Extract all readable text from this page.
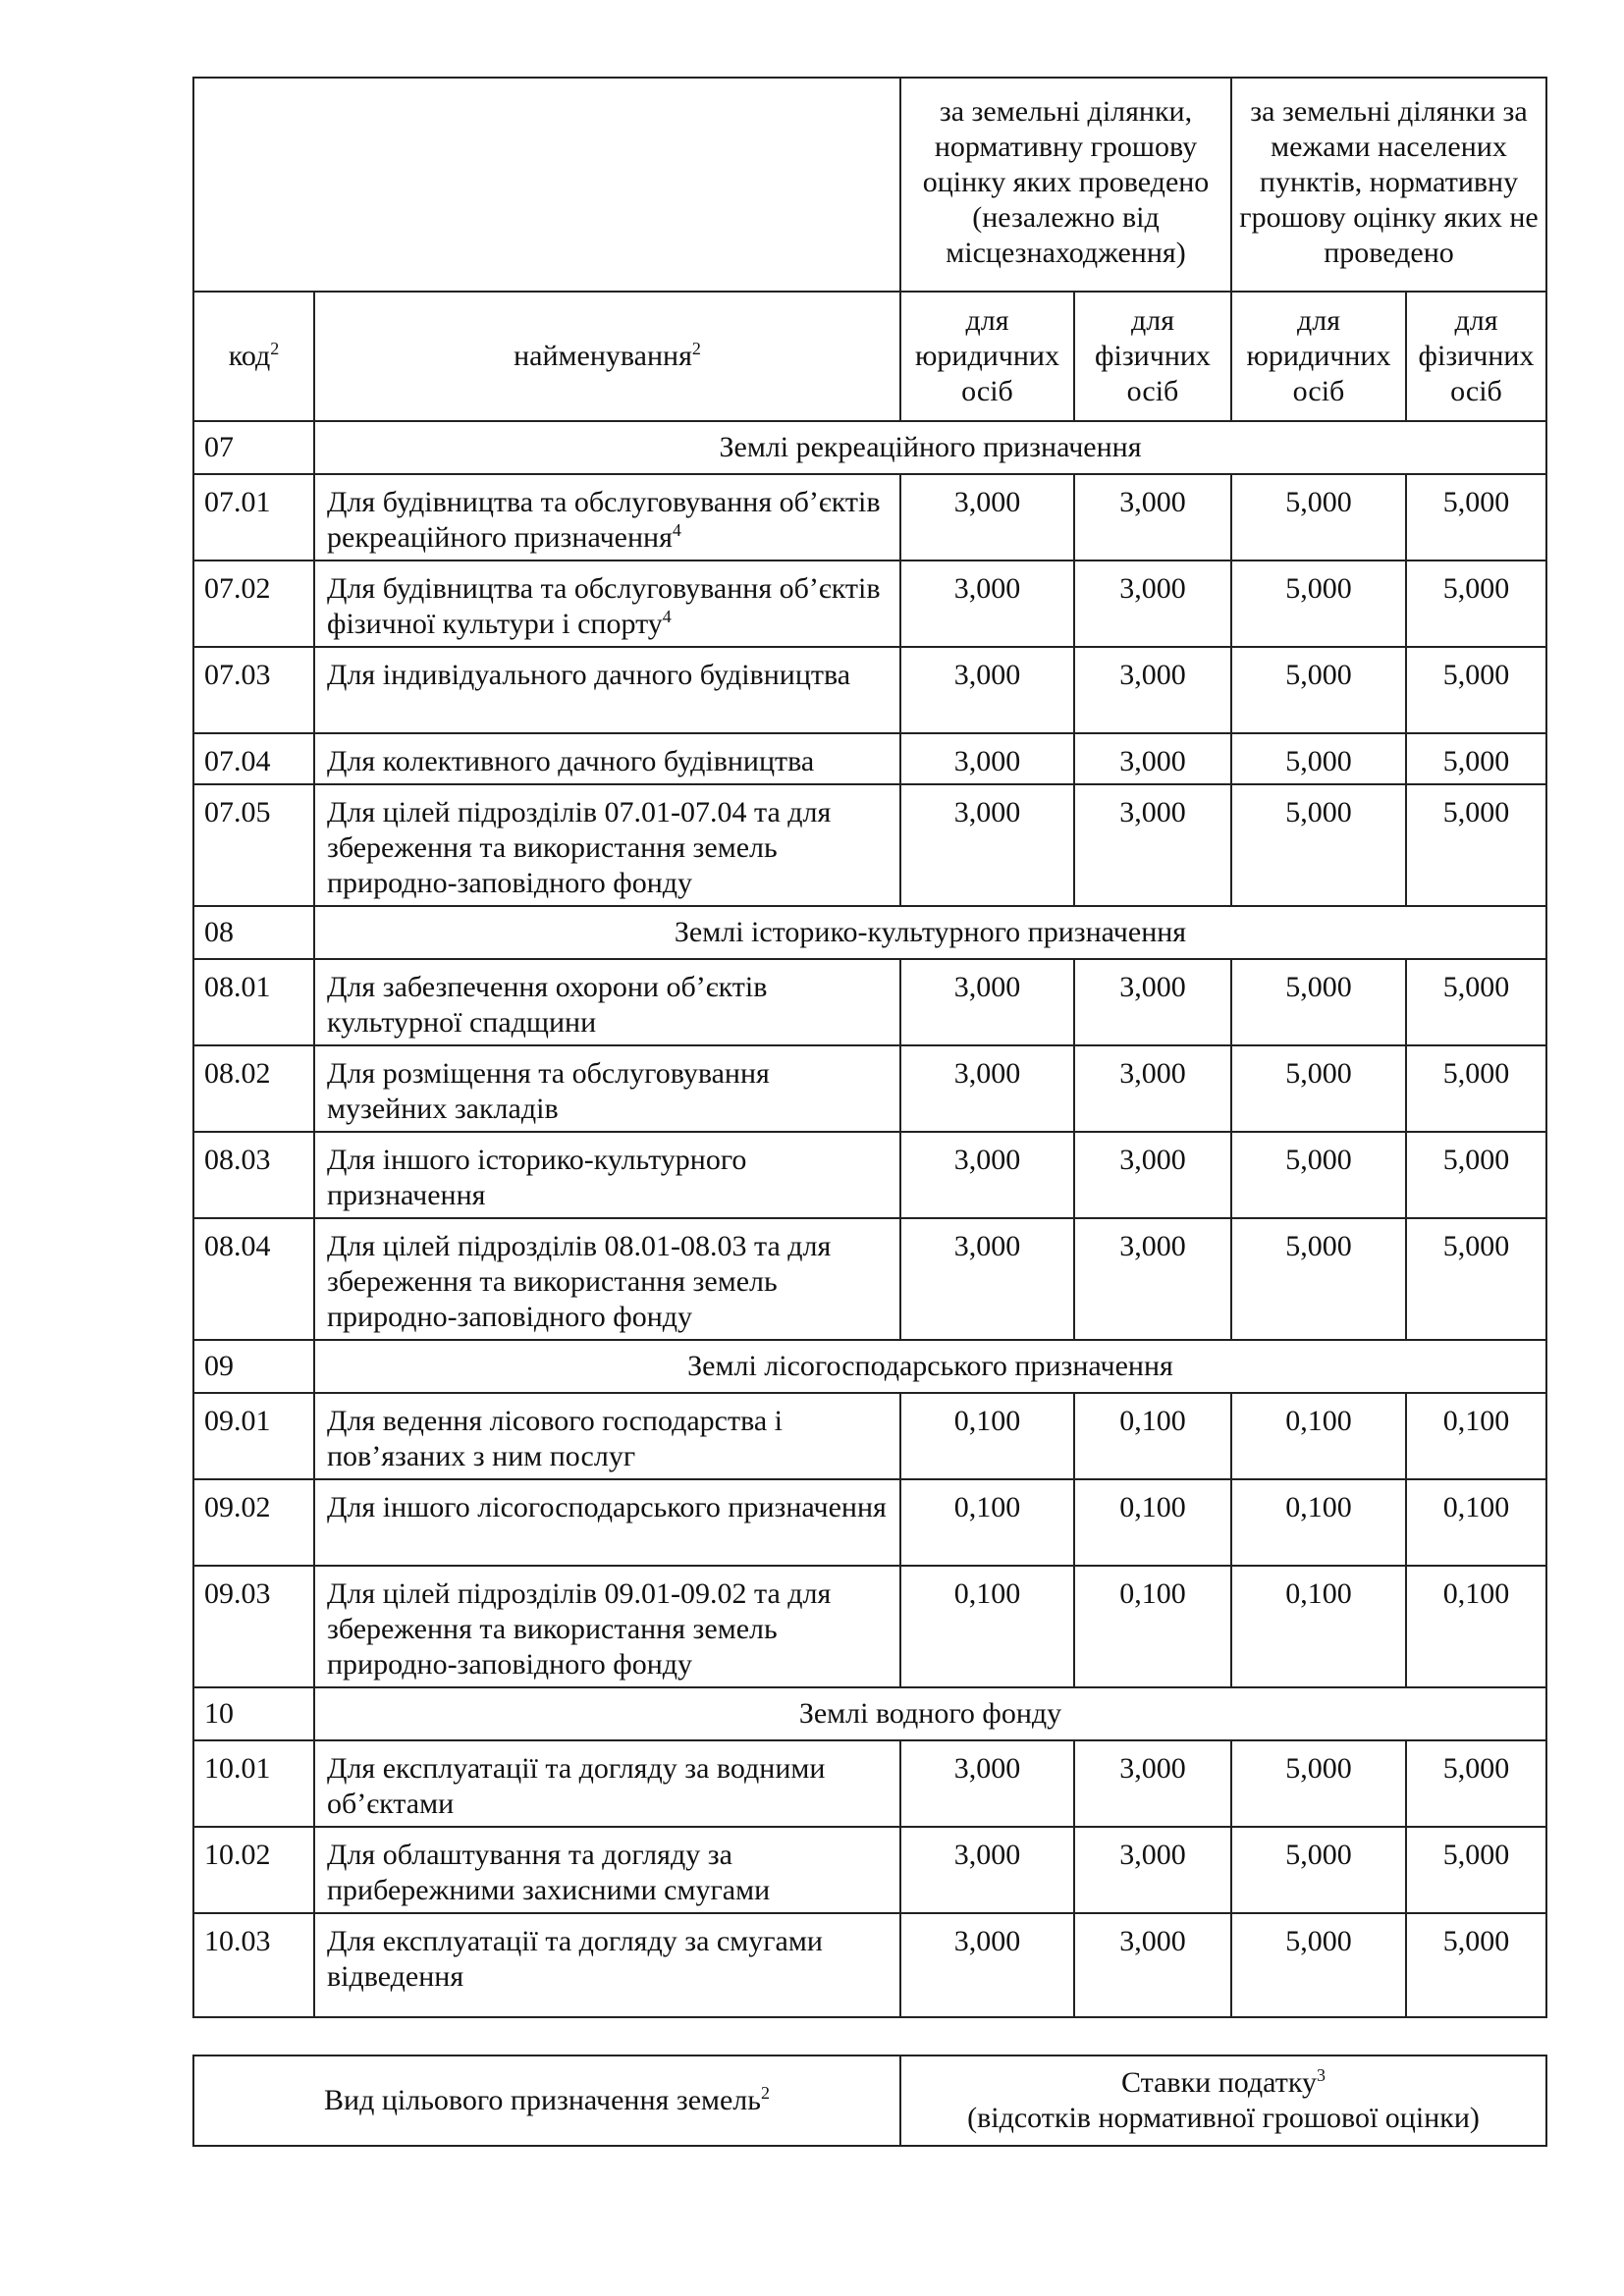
		за земельні ділянки, нормативну грошову оцінку яких проведено (незалежно від місцезнаходження)		за земельні ділянки за межами населених пунктів, нормативну грошову оцінку яких не проведено	
код$^2$	найменування$^2$	для юридичних осіб	для фізичних осіб	для юридичних осіб	для фізичних осіб
07	Землі рекреаційного призначення				
07.01	Для будівництва та обслуговування об’єктів рекреаційного призначення$^4$	3,000	3,000	5,000	5,000
07.02	Для будівництва та обслуговування об’єктів фізичної культури і спорту$^4$	3,000	3,000	5,000	5,000
07.03	Для індивідуального дачного будівництва	3,000	3,000	5,000	5,000
07.04	Для колективного дачного будівництва	3,000	3,000	5,000	5,000
07.05	Для цілей підрозділів 07.01-07.04 та для збереження та використання земель природно-заповідного фонду	3,000	3,000	5,000	5,000
08	Землі історико-культурного призначення				
08.01	Для забезпечення охорони об’єктів культурної спадщини	3,000	3,000	5,000	5,000
08.02	Для розміщення та обслуговування музейних закладів	3,000	3,000	5,000	5,000
08.03	Для іншого історико-культурного призначення	3,000	3,000	5,000	5,000
08.04	Для цілей підрозділів 08.01-08.03 та для збереження та використання земель природно-заповідного фонду	3,000	3,000	5,000	5,000
09	Землі лісогосподарського призначення				
09.01	Для ведення лісового господарства і пов’язаних з ним послуг	0,100	0,100	0,100	0,100
09.02	Для іншого лісогосподарського призначення	0,100	0,100	0,100	0,100
09.03	Для цілей підрозділів 09.01-09.02 та для збереження та використання земель природно-заповідного фонду	0,100	0,100	0,100	0,100
10	Землі водного фонду				
10.01	Для експлуатації та догляду за водними об’єктами	3,000	3,000	5,000	5,000
10.02	Для облаштування та догляду за прибережними захисними смугами	3,000	3,000	5,000	5,000
10.03	Для експлуатації та догляду за смугами відведення	3,000	3,000	5,000	5,000
Вид цільового призначення земель$^2$	Ставки податку$^3$
(відсотків нормативної грошової оцінки)
